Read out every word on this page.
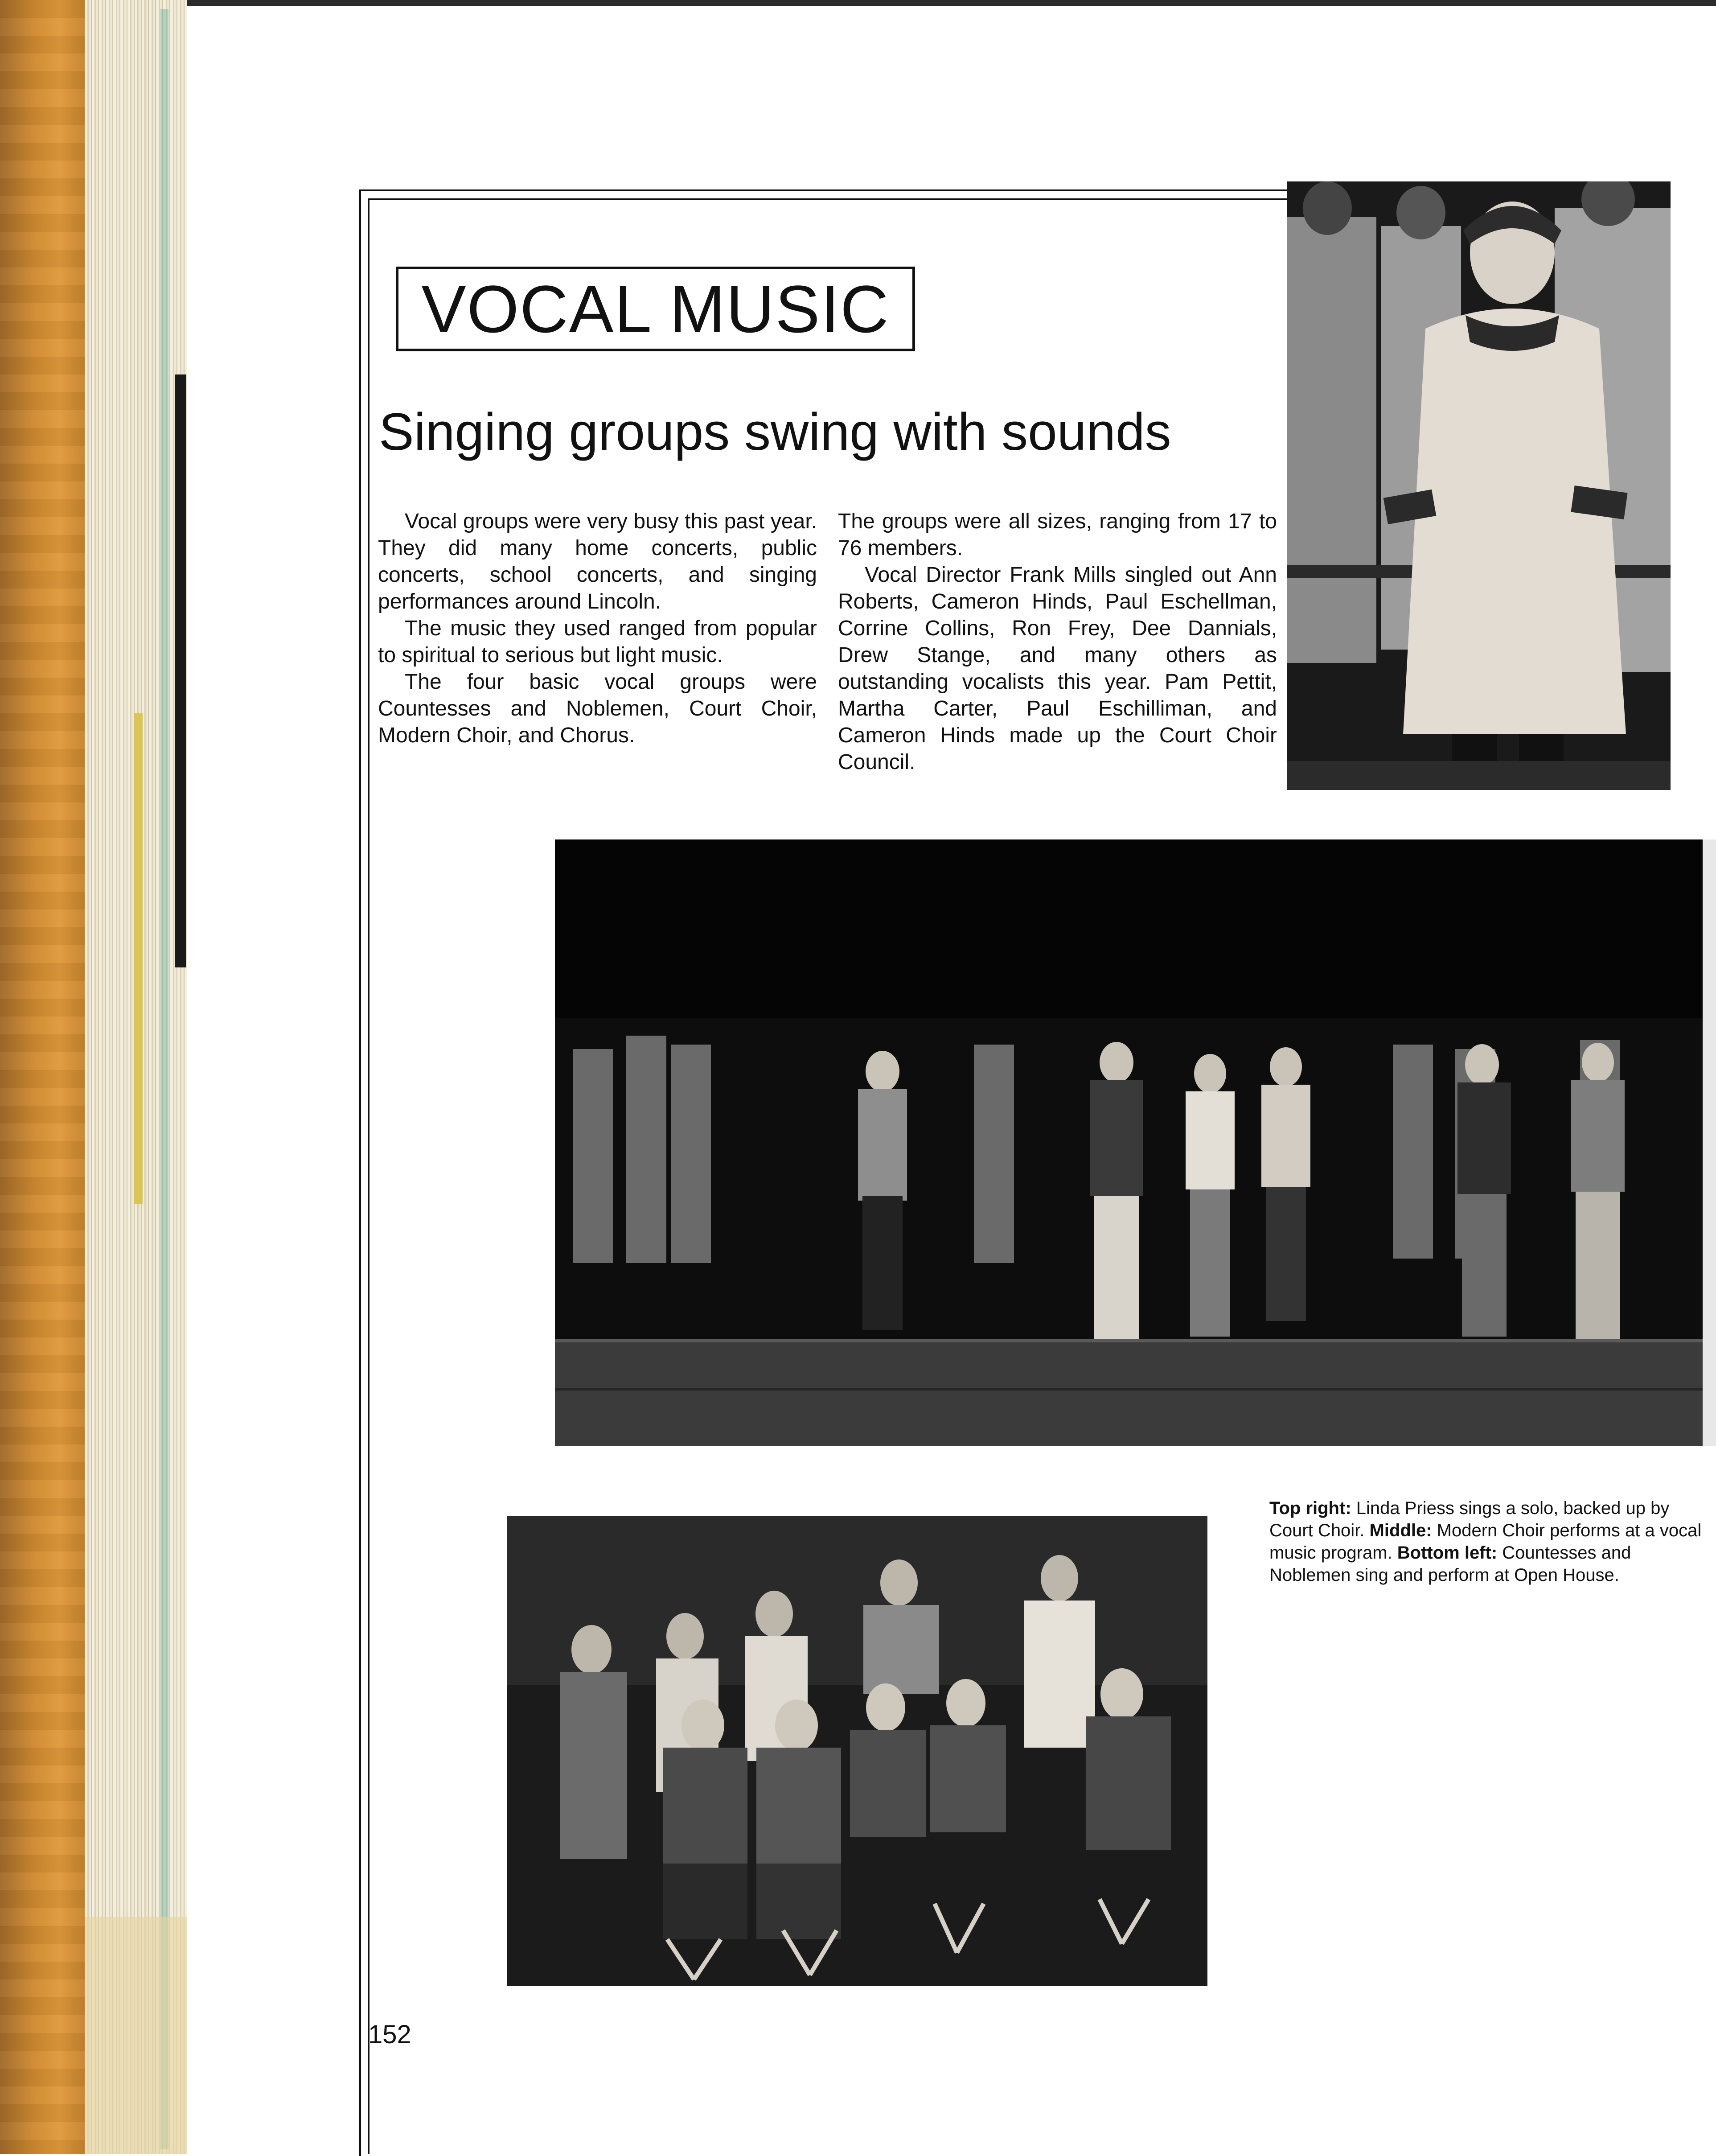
VOCAL MUSIC
Singing groups swing with sounds

Vocal groups were very busy this past year. They did many home concerts, public concerts, school concerts, and singing performances around Lincoln.

The music they used ranged from popular to spiritual to serious but light music.

The four basic vocal groups were Countesses and Noblemen, Court Choir, Modern Choir, and Chorus.

The groups were all sizes, ranging from 17 to 76 members.

Vocal Director Frank Mills singled out Ann Roberts, Cameron Hinds, Paul Eschellman, Corrine Collins, Ron Frey, Dee Dannials, Drew Stange, and many others as outstanding vocalists this year. Pam Pettit, Martha Carter, Paul Eschilliman, and Cameron Hinds made up the Court Choir Council.

Top right: Linda Priess sings a solo, backed up by Court Choir. Middle: Modern Choir performs at a vocal music program. Bottom left: Countesses and Noblemen sing and perform at Open House.
152
